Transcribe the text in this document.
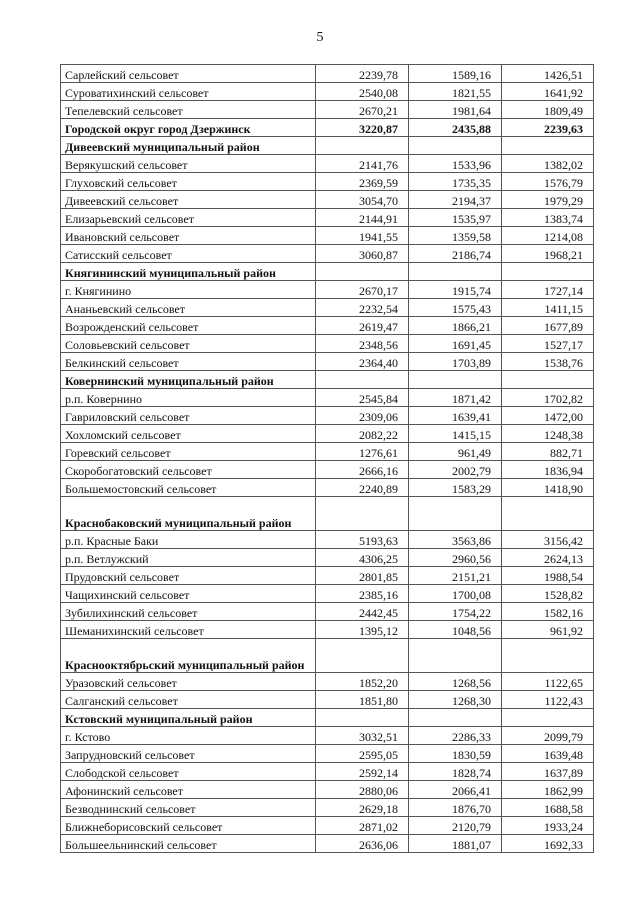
5
Сарлейский сельсовет	2239,78	1589,16	1426,51
Суроватихинский сельсовет	2540,08	1821,55	1641,92
Тепелевский сельсовет	2670,21	1981,64	1809,49
Городской округ город Дзержинск	3220,87	2435,88	2239,63
Дивеевский муниципальный район			
Верякушский сельсовет	2141,76	1533,96	1382,02
Глуховский сельсовет	2369,59	1735,35	1576,79
Дивеевский сельсовет	3054,70	2194,37	1979,29
Елизарьевский сельсовет	2144,91	1535,97	1383,74
Ивановский сельсовет	1941,55	1359,58	1214,08
Сатисский сельсовет	3060,87	2186,74	1968,21
Княгининский муниципальный район			
г. Княгинино	2670,17	1915,74	1727,14
Ананьевский сельсовет	2232,54	1575,43	1411,15
Возрожденский сельсовет	2619,47	1866,21	1677,89
Соловьевский сельсовет	2348,56	1691,45	1527,17
Белкинский сельсовет	2364,40	1703,89	1538,76
Ковернинский муниципальный район			
р.п. Ковернино	2545,84	1871,42	1702,82
Гавриловский сельсовет	2309,06	1639,41	1472,00
Хохломский сельсовет	2082,22	1415,15	1248,38
Горевский сельсовет	1276,61	961,49	882,71
Скоробогатовский сельсовет	2666,16	2002,79	1836,94
Большемостовский сельсовет	2240,89	1583,29	1418,90
Краснобаковский муниципальный район			
р.п. Красные Баки	5193,63	3563,86	3156,42
р.п. Ветлужский	4306,25	2960,56	2624,13
Прудовский сельсовет	2801,85	2151,21	1988,54
Чащихинский сельсовет	2385,16	1700,08	1528,82
Зубилихинский сельсовет	2442,45	1754,22	1582,16
Шеманихинский сельсовет	1395,12	1048,56	961,92
Краснооктябрьский муниципальный район			
Уразовский сельсовет	1852,20	1268,56	1122,65
Салганский сельсовет	1851,80	1268,30	1122,43
Кстовский муниципальный район			
г. Кстово	3032,51	2286,33	2099,79
Запрудновский сельсовет	2595,05	1830,59	1639,48
Слободской сельсовет	2592,14	1828,74	1637,89
Афонинский сельсовет	2880,06	2066,41	1862,99
Безводнинский сельсовет	2629,18	1876,70	1688,58
Ближнеборисовский сельсовет	2871,02	2120,79	1933,24
Большеельнинский сельсовет	2636,06	1881,07	1692,33
